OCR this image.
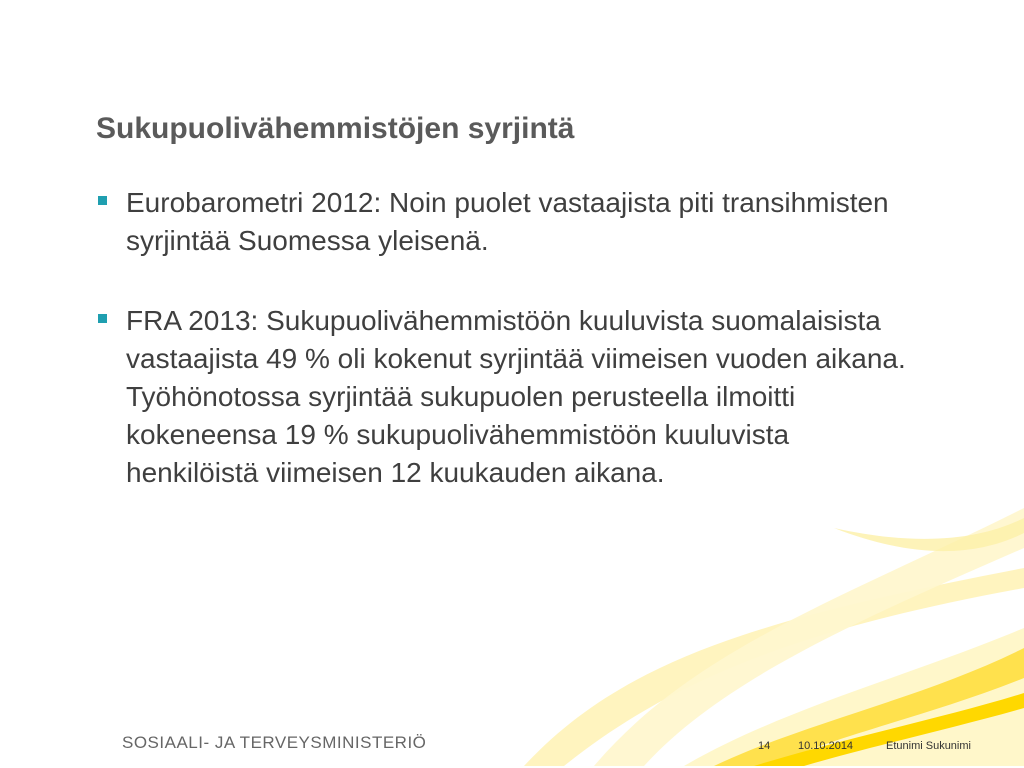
Sukupuolivähemmistöjen syrjintä
Eurobarometri 2012: Noin puolet vastaajista piti transihmisten syrjintää Suomessa yleisenä.
FRA 2013: Sukupuolivähemmistöön kuuluvista suomalaisista vastaajista 49 % oli kokenut syrjintää viimeisen vuoden aikana. Työhönotossa syrjintää sukupuolen perusteella ilmoitti kokeneensa 19 % sukupuolivähemmistöön kuuluvista henkilöistä viimeisen 12 kuukauden aikana.
SOSIAALI- JA TERVEYSMINISTERIÖ	14	10.10.2014	Etunimi Sukunimi
